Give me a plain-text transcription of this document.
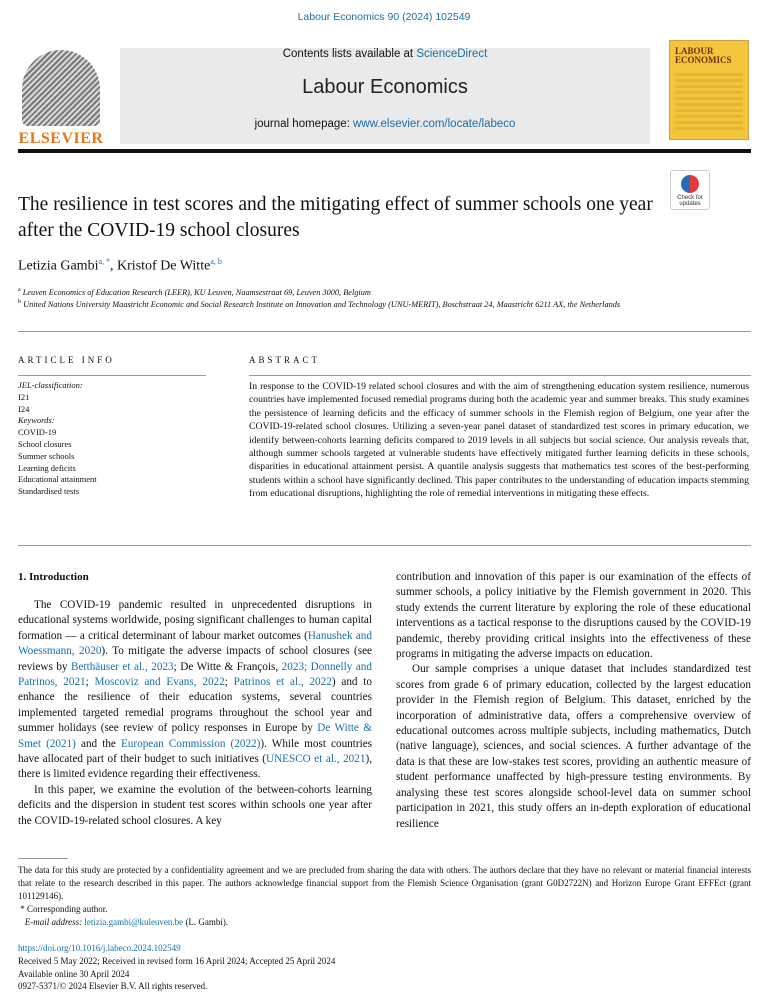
Labour Economics 90 (2024) 102549
ELSEVIER
Contents lists available at ScienceDirect
Labour Economics
journal homepage: www.elsevier.com/locate/labeco
LABOUR
ECONOMICS
The resilience in test scores and the mitigating effect of summer schools one year after the COVID-19 school closures
Check for updates
Letizia Gambi$^{a, *}$, Kristof De Witte$^{a, b}$
$^a$ Leuven Economics of Education Research (LEER), KU Leuven, Naamsestraat 69, Leuven 3000, Belgium
$^b$ United Nations University Maastricht Economic and Social Research Institute on Innovation and Technology (UNU-MERIT), Boschstraat 24, Maastricht 6211 AX, the Netherlands
ARTICLE INFO	ABSTRACT
JEL-classification:
I21
I24
Keywords:
COVID-19
School closures
Summer schools
Learning deficits
Educational attainment
Standardised tests
In response to the COVID-19 related school closures and with the aim of strengthening education system resilience, numerous countries have implemented focused remedial programs during both the academic year and summer breaks. This study examines the persistence of learning deficits and the efficacy of summer schools in the Flemish region of Belgium, one year after the COVID-19-related school closures. Utilizing a seven-year panel dataset of standardized test scores in primary education, we identify between-cohorts learning deficits compared to 2019 levels in all subjects but social science. Our analysis reveals that, although summer schools targeted at vulnerable students have effectively mitigated further learning deficits in these schools, disparities in educational attainment persist. A quantile analysis suggests that mathematics test scores of the best-performing students within a school have significantly declined. This paper contributes to the understanding of education impacts stemming from educational disruptions, highlighting the role of remedial interventions in mitigating these effects.
1. Introduction

The COVID-19 pandemic resulted in unprecedented disruptions in educational systems worldwide, posing significant challenges to human capital formation — a critical determinant of labour market outcomes (Hanushek and Woessmann, 2020). To mitigate the adverse impacts of school closures (see reviews by Betthäuser et al., 2023; De Witte & François, 2023; Donnelly and Patrinos, 2021; Moscoviz and Evans, 2022; Patrinos et al., 2022) and to enhance the resilience of their education systems, several countries implemented targeted remedial programs throughout the school year and summer holidays (see review of policy responses in Europe by De Witte & Smet (2021) and the European Commission (2022)). While most countries have allocated part of their budget to such initiatives (UNESCO et al., 2021), there is limited evidence regarding their effectiveness.

In this paper, we examine the evolution of the between-cohorts learning deficits and the dispersion in student test scores within schools one year after the COVID-19-related school closures. A key

contribution and innovation of this paper is our examination of the effects of summer schools, a policy initiative by the Flemish government in 2020. This study extends the current literature by exploring the role of these educational interventions as a tactical response to the disruptions caused by the COVID-19 pandemic, thereby providing critical insights into the effectiveness of these programs in mitigating the adverse impacts on education.

Our sample comprises a unique dataset that includes standardized test scores from grade 6 of primary education, collected by the largest education provider in the Flemish region of Belgium. This dataset, enriched by the incorporation of administrative data, offers a comprehensive overview of educational outcomes across multiple subjects, including mathematics, Dutch (native language), sciences, and social sciences. A further advantage of the data is that these are low-stakes test scores, providing an authentic measure of student performance unaffected by high-pressure testing environments. By analysing these test scores alongside school-level data on summer school participation in 2021, this study offers an in-depth exploration of educational resilience

The data for this study are protected by a confidentiality agreement and we are precluded from sharing the data with others. The authors declare that they have no relevant or material financial interests that relate to the research described in this paper. The authors acknowledge financial support from the Flemish Science Organisation (grant G0D2722N) and Horizon Europe Grant EFFEct (grant 101129146).
* Corresponding author.
E-mail address: letizia.gambi@kuleuven.be (L. Gambi).
https://doi.org/10.1016/j.labeco.2024.102549
Received 5 May 2022; Received in revised form 16 April 2024; Accepted 25 April 2024
Available online 30 April 2024
0927-5371/© 2024 Elsevier B.V. All rights reserved.
